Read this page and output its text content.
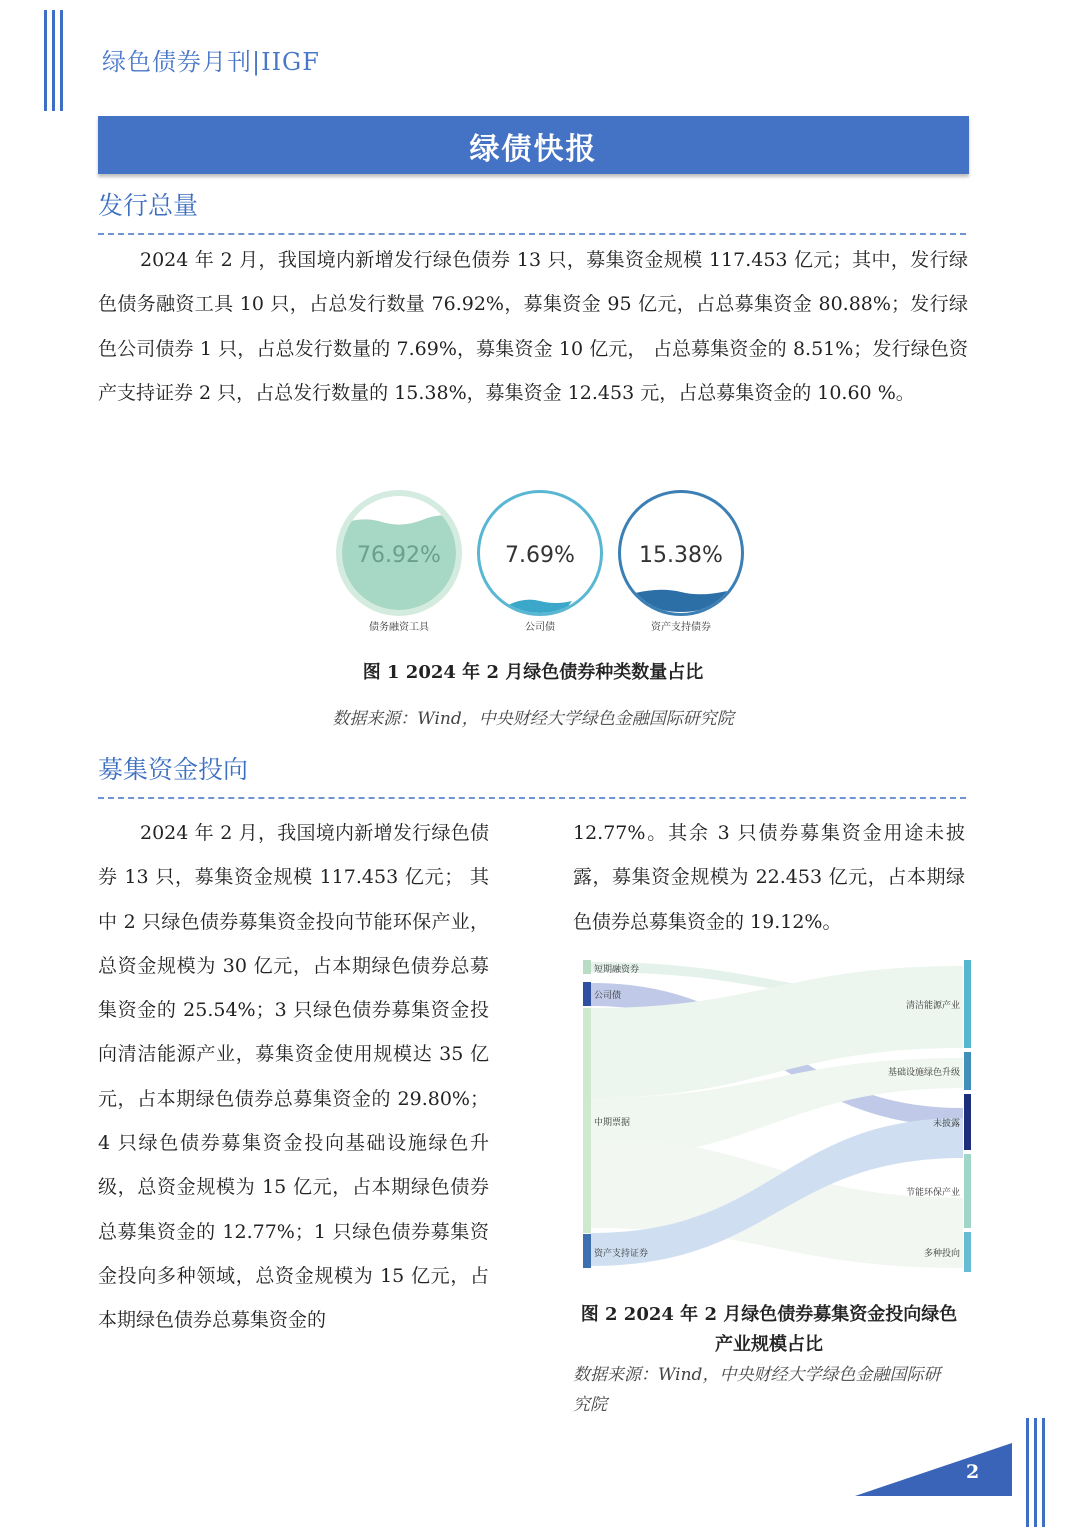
绿色债券月刊|IIGF
绿债快报
发行总量
2024 年 2 月，我国境内新增发行绿色债券 13 只，募集资金规模 117.453 亿元；其中，发行绿色债务融资工具 10 只，占总发行数量 76.92%，募集资金 95 亿元，占总募集资金 80.88%；发行绿色公司债券 1 只，占总发行数量的 7.69%，募集资金 10 亿元， 占总募集资金的 8.51%；发行绿色资产支持证券 2 只，占总发行数量的 15.38%，募集资金 12.453 元，占总募集资金的 10.60 %。
76.92%
债务融资工具
7.69%
公司债
15.38%
资产支持债券
图 1 2024 年 2 月绿色债券种类数量占比
数据来源：Wind，中央财经大学绿色金融国际研究院
募集资金投向
2024 年 2 月，我国境内新增发行绿色债券 13 只，募集资金规模 117.453 亿元； 其中 2 只绿色债券募集资金投向节能环保产业，总资金规模为 30 亿元，占本期绿色债券总募集资金的 25.54%；3 只绿色债券募集资金投向清洁能源产业，募集资金使用规模达 35 亿元，占本期绿色债券总募集资金的 29.80%；4 只绿色债券募集资金投向基础设施绿色升级，总资金规模为 15 亿元，占本期绿色债券总募集资金的 12.77%；1 只绿色债券募集资金投向多种领域，总资金规模为 15 亿元，占本期绿色债券总募集资金的
12.77%。其余 3 只债券募集资金用途未披露，募集资金规模为 22.453 亿元，占本期绿色债券总募集资金的 19.12%。
短期融资券
公司债
中期票据
资产支持证券
清洁能源产业
基础设施绿色升级
未披露
节能环保产业
多种投向
图 2 2024 年 2 月绿色债券募集资金投向绿色
产业规模占比
数据来源：Wind，中央财经大学绿色金融国际研
究院
2
